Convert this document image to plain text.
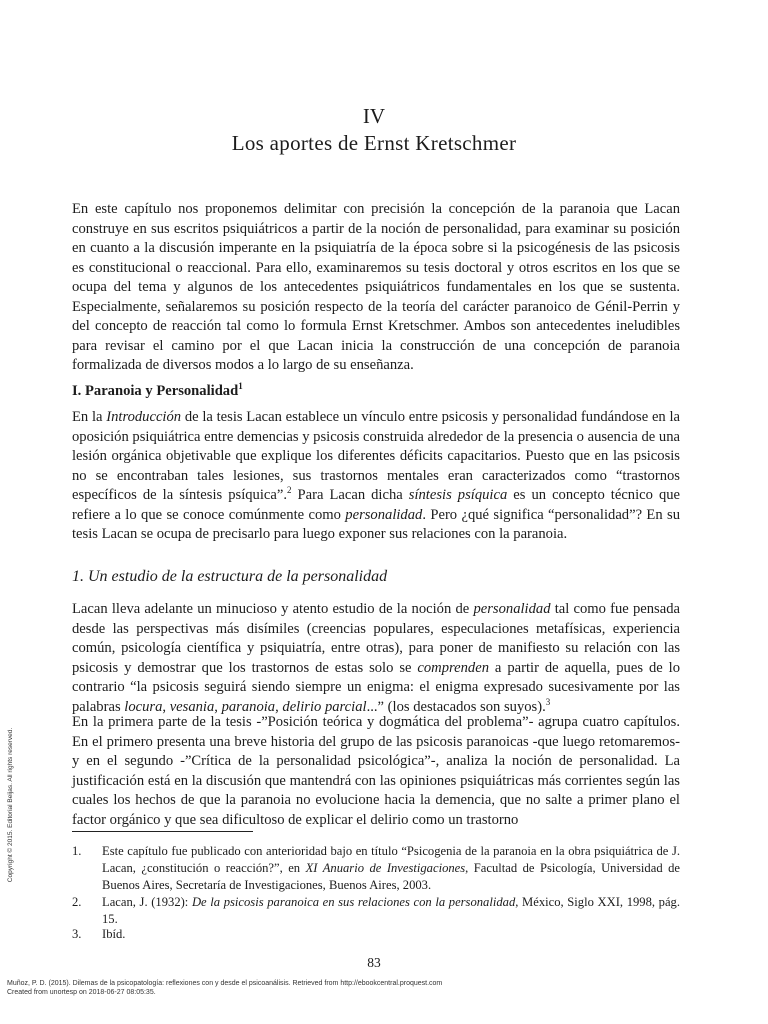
IV
Los aportes de Ernst Kretschmer
En este capítulo nos proponemos delimitar con precisión la concepción de la paranoia que Lacan construye en sus escritos psiquiátricos a partir de la noción de personalidad, para examinar su posición en cuanto a la discusión imperante en la psiquiatría de la época sobre si la psicogénesis de las psicosis es constitucional o reaccional. Para ello, examinaremos su tesis doctoral y otros escritos en los que se ocupa del tema y algunos de los antecedentes psiquiátricos fundamentales en los que se sustenta. Especialmente, señalaremos su posición respecto de la teoría del carácter paranoico de Génil-Perrin y del concepto de reacción tal como lo formula Ernst Kretschmer. Ambos son antecedentes ineludibles para revisar el camino por el que Lacan inicia la construcción de una concepción de paranoia formalizada de diversos modos a lo largo de su enseñanza.
I. Paranoia y Personalidad$^1$
En la Introducción de la tesis Lacan establece un vínculo entre psicosis y personalidad fundándose en la oposición psiquiátrica entre demencias y psicosis construida alrededor de la presencia o ausencia de una lesión orgánica objetivable que explique los diferentes déficits capacitarios. Puesto que en las psicosis no se encontraban tales lesiones, sus trastornos mentales eran caracterizados como “trastornos específicos de la síntesis psíquica”.$^2$ Para Lacan dicha síntesis psíquica es un concepto técnico que refiere a lo que se conoce comúnmente como personalidad. Pero ¿qué significa “personalidad”? En su tesis Lacan se ocupa de precisarlo para luego exponer sus relaciones con la paranoia.
1. Un estudio de la estructura de la personalidad
Lacan lleva adelante un minucioso y atento estudio de la noción de personalidad tal como fue pensada desde las perspectivas más disímiles (creencias populares, especulaciones metafísicas, experiencia común, psicología científica y psiquiatría, entre otras), para poner de manifiesto su relación con las psicosis y demostrar que los trastornos de estas solo se comprenden a partir de aquella, pues de lo contrario “la psicosis seguirá siendo siempre un enigma: el enigma expresado sucesivamente por las palabras locura, vesania, paranoia, delirio parcial...” (los destacados son suyos).$^3$
En la primera parte de la tesis -”Posición teórica y dogmática del problema”- agrupa cuatro capítulos. En el primero presenta una breve historia del grupo de las psicosis paranoicas -que luego retomaremos- y en el segundo -”Crítica de la personalidad psicológica”-, analiza la noción de personalidad. La justificación está en la discusión que mantendrá con las opiniones psiquiátricas más corrientes según las cuales los hechos de que la paranoia no evolucione hacia la demencia, que no salte a primer plano el factor orgánico y que sea dificultoso de explicar el delirio como un trastorno
1. Este capítulo fue publicado con anterioridad bajo en título “Psicogenia de la paranoia en la obra psiquiátrica de J. Lacan, ¿constitución o reacción?”, en XI Anuario de Investigaciones, Facultad de Psicología, Universidad de Buenos Aires, Secretaría de Investigaciones, Buenos Aires, 2003.
2. Lacan, J. (1932): De la psicosis paranoica en sus relaciones con la personalidad, México, Siglo XXI, 1998, pág. 15.
3. Ibíd.
83
Copyright © 2015. Editorial Beijas. All rights reserved.
Muñoz, P. D. (2015). Dilemas de la psicopatología: reflexiones con y desde el psicoanálisis. Retrieved from http://ebookcentral.proquest.com
Created from unortesp on 2018-06-27 08:05:35.
